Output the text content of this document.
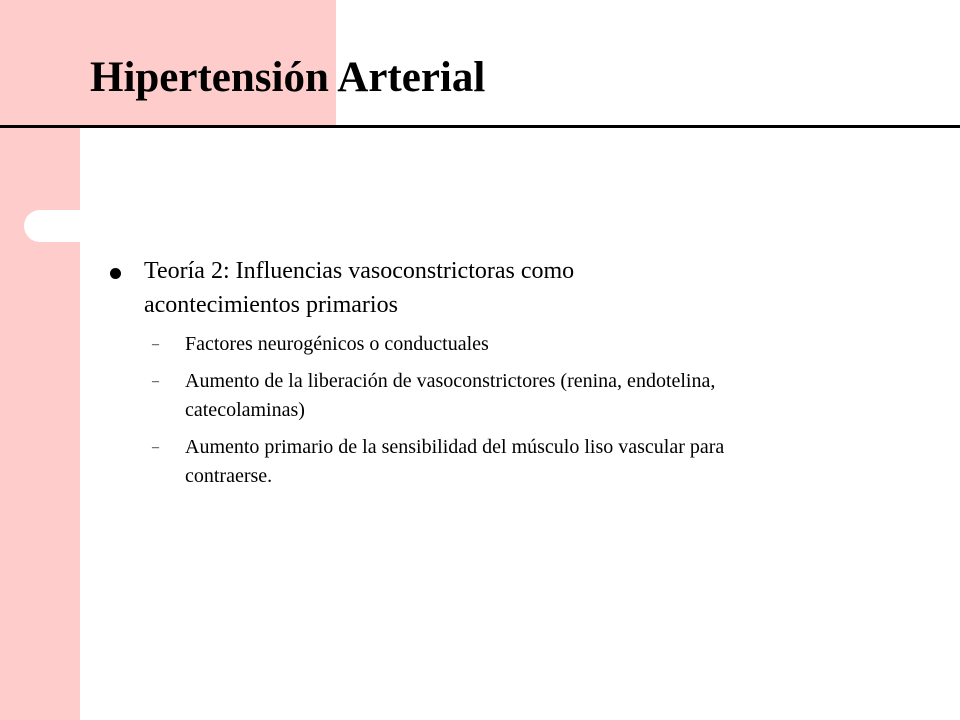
Hipertensión Arterial
Teoría 2: Influencias vasoconstrictoras como
acontecimientos primarios
– Factores neurogénicos o conductuales
– Aumento de la liberación de vasoconstrictores (renina, endotelina,
catecolaminas)
– Aumento primario de la sensibilidad del músculo liso vascular para
contraerse.
